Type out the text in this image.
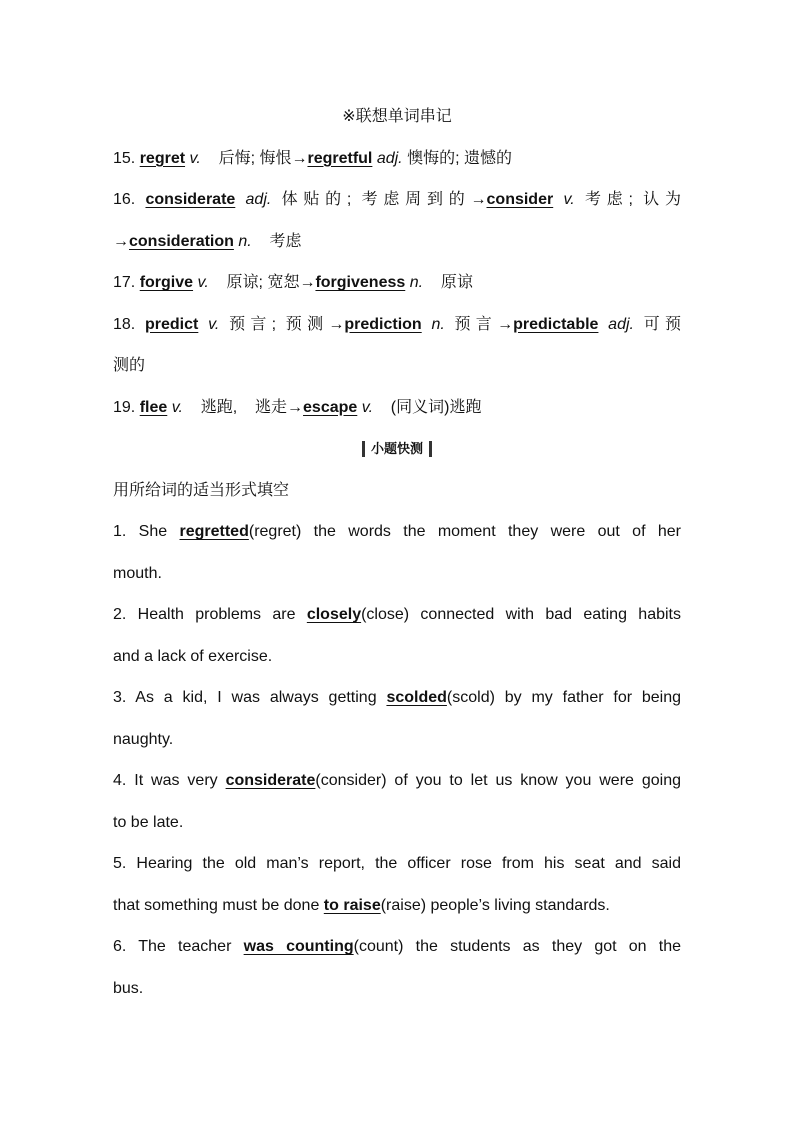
※联想单词串记
15. regret v. 后悔; 悔恨→regretful adj. 懊悔的; 遗憾的
16. considerate adj. 体贴的; 考虑周到的→consider v. 考虑; 认为
→consideration n. 考虑
17. forgive v. 原谅; 宽恕→forgiveness n. 原谅
18. predict v. 预言; 预测→prediction n. 预言→predictable adj. 可预
测的
19. flee v. 逃跑, 逃走→escape v. (同义词)逃跑
小题快测
用所给词的适当形式填空
1. She regretted(regret) the words the moment they were out of her
mouth.
2. Health problems are closely(close) connected with bad eating habits
and a lack of exercise.
3. As a kid, I was always getting scolded(scold) by my father for being
naughty.
4. It was very considerate(consider) of you to let us know you were going
to be late.
5. Hearing the old man’s report, the officer rose from his seat and said
that something must be done to raise(raise) people’s living standards.
6. The teacher was counting(count) the students as they got on the
bus.
